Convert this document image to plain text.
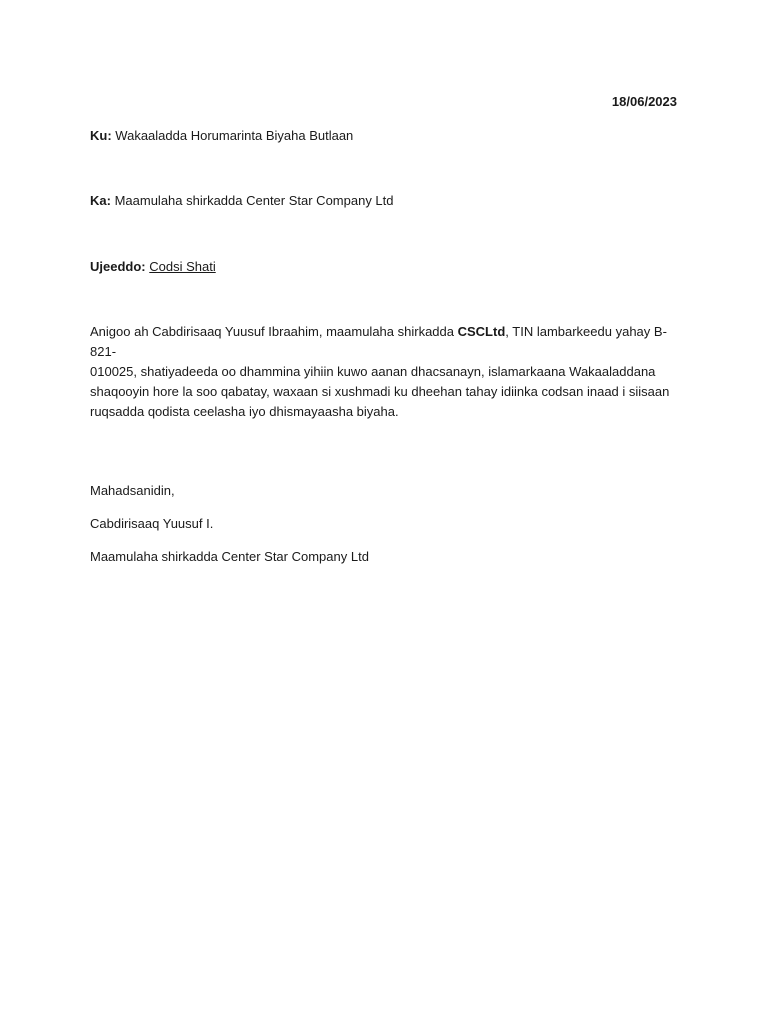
18/06/2023
Ku: Wakaaladda Horumarinta Biyaha Butlaan
Ka: Maamulaha shirkadda Center Star Company Ltd
Ujeeddo: Codsi Shati
Anigoo ah Cabdirisaaq Yuusuf Ibraahim, maamulaha shirkadda CSCLtd, TIN lambarkeedu yahay B-821-
010025, shatiyadeeda oo dhammina yihiin kuwo aanan dhacsanayn, islamarkaana Wakaaladdana
shaqooyin hore la soo qabatay, waxaan si xushmadi ku dheehan tahay idiinka codsan inaad i siisaan
ruqsadda qodista ceelasha iyo dhismayaasha biyaha.
Mahadsanidin,
Cabdirisaaq Yuusuf I.
Maamulaha shirkadda Center Star Company Ltd
